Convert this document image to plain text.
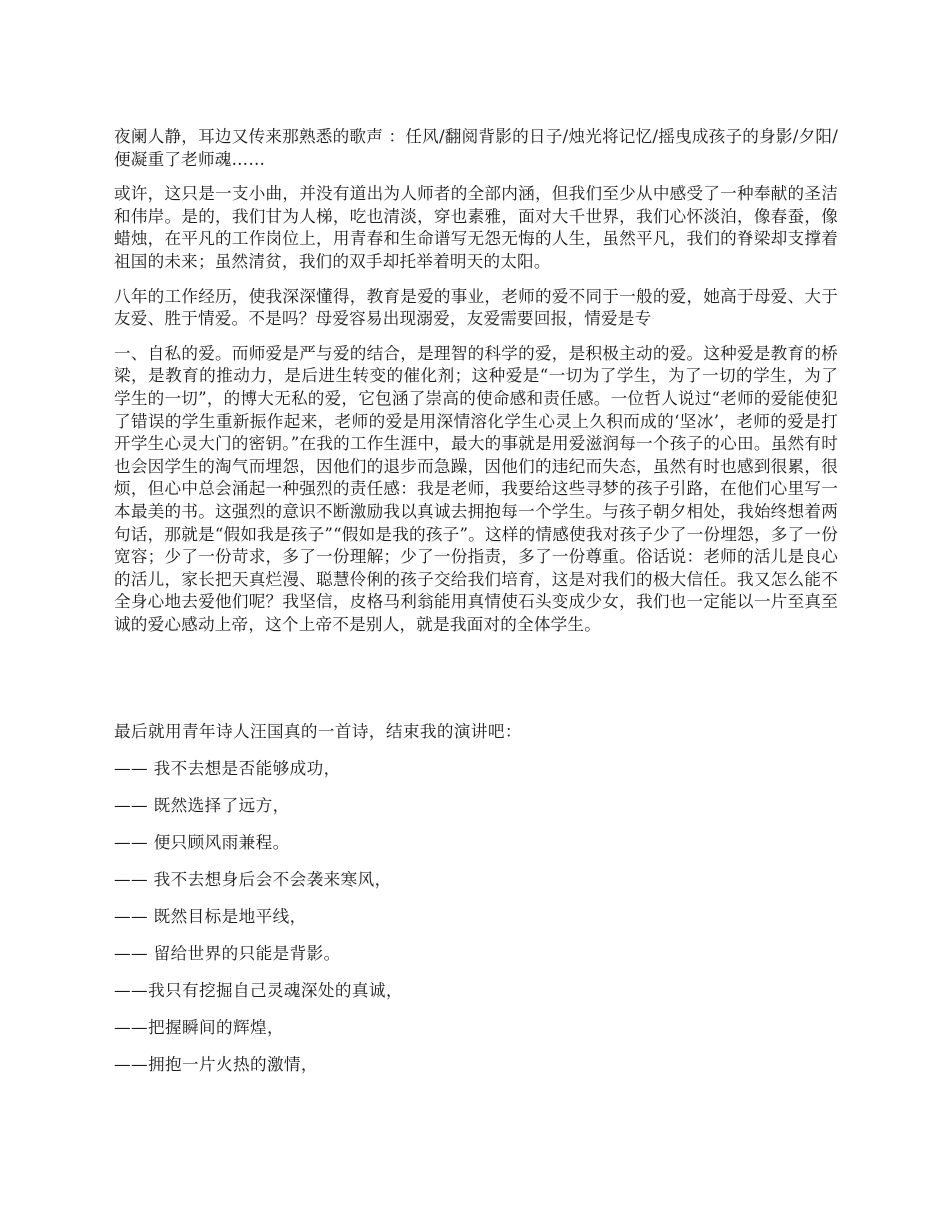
夜阑人静，耳边又传来那熟悉的歌声 ：任风/翻阅背影的日子/烛光将记忆/摇曳成孩子的身影/夕阳/便凝重了老师魂……

或许，这只是一支小曲，并没有道出为人师者的全部内涵，但我们至少从中感受了一种奉献的圣洁和伟岸。是的，我们甘为人梯，吃也清淡，穿也素雅，面对大千世界，我们心怀淡泊，像春蚕，像蜡烛，在平凡的工作岗位上，用青春和生命谱写无怨无悔的人生，虽然平凡，我们的脊梁却支撑着祖国的未来；虽然清贫，我们的双手却托举着明天的太阳。

八年的工作经历，使我深深懂得，教育是爱的事业，老师的爱不同于一般的爱，她高于母爱、大于友爱、胜于情爱。不是吗？母爱容易出现溺爱，友爱需要回报，情爱是专

一、自私的爱。而师爱是严与爱的结合，是理智的科学的爱，是积极主动的爱。这种爱是教育的桥梁，是教育的推动力，是后进生转变的催化剂；这种爱是“一切为了学生，为了一切的学生，为了学生的一切”，的博大无私的爱，它包涵了崇高的使命感和责任感。一位哲人说过“老师的爱能使犯了错误的学生重新振作起来，老师的爱是用深情溶化学生心灵上久积而成的‘坚冰’，老师的爱是打开学生心灵大门的密钥。”在我的工作生涯中，最大的事就是用爱滋润每一个孩子的心田。虽然有时也会因学生的淘气而埋怨，因他们的退步而急躁，因他们的违纪而失态，虽然有时也感到很累，很烦，但心中总会涌起一种强烈的责任感：我是老师，我要给这些寻梦的孩子引路，在他们心里写一本最美的书。这强烈的意识不断激励我以真诚去拥抱每一个学生。与孩子朝夕相处，我始终想着两句话，那就是“假如我是孩子”“假如是我的孩子”。这样的情感使我对孩子少了一份埋怨，多了一份宽容；少了一份苛求，多了一份理解；少了一份指责，多了一份尊重。俗话说：老师的活儿是良心的活儿，家长把天真烂漫、聪慧伶俐的孩子交给我们培育，这是对我们的极大信任。我又怎么能不全身心地去爱他们呢？我坚信，皮格马利翁能用真情使石头变成少女，我们也一定能以一片至真至诚的爱心感动上帝，这个上帝不是别人，就是我面对的全体学生。

最后就用青年诗人汪国真的一首诗，结束我的演讲吧：

—— 我不去想是否能够成功，

—— 既然选择了远方，

—— 便只顾风雨兼程。

—— 我不去想身后会不会袭来寒风，

—— 既然目标是地平线，

—— 留给世界的只能是背影。

——我只有挖掘自己灵魂深处的真诚，

——把握瞬间的辉煌，

——拥抱一片火热的激情，
